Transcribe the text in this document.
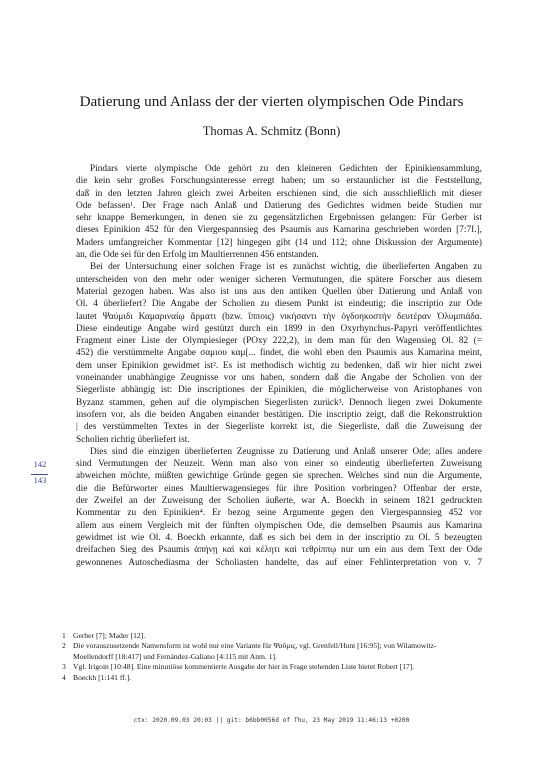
Datierung und Anlass der der vierten olympischen Ode Pindars
Thomas A. Schmitz (Bonn)
142
143

Pindars vierte olympische Ode gehört zu den kleineren Gedichten der Epinikiensammlung,
die kein sehr großes Forschungsinteresse erregt haben; um so erstaunlicher ist die Feststellung,
daß in den letzten Jahren gleich zwei Arbeiten erschienen sind, die sich ausschließlich mit dieser
Ode befassen¹. Der Frage nach Anlaß und Datierung des Gedichtes widmen beide Studien nur
sehr knappe Bemerkungen, in denen sie zu gegensätzlichen Ergebnissen gelangen: Für Gerber ist
dieses Epinikion 452 für den Viergespannsieg des Psaumis aus Kamarina geschrieben worden [7:7f.],
Maders umfangreicher Kommentar [12] hingegen gibt (14 und 112; ohne Diskussion der Argumente)
an, die Ode sei für den Erfolg im Maultierrennen 456 entstanden.

Bei der Untersuchung einer solchen Frage ist es zunächst wichtig, die überlieferten Angaben zu
unterscheiden von den mehr oder weniger sicheren Vermutungen, die spätere Forscher aus diesem
Material gezogen haben. Was also ist uns aus den antiken Quellen über Datierung und Anlaß von
Ol. 4 überliefert? Die Angabe der Scholien zu diesem Punkt ist eindeutig; die inscriptio zur Ode
lautet Ψαύμιδι Καμαριναίῳ ἅρματι (bzw. ἵπποις) νικήσαντι τὴν ὀγδοηκοστὴν δευτέραν Ὀλυμπιάδα.
Diese eindeutige Angabe wird gestützt durch ein 1899 in den Oxyrhynchus-Papyri veröffentlichtes
Fragment einer Liste der Olympiesieger (POxy 222,2), in dem man für den Wagensieg Ol. 82 (=
452) die verstümmelte Angabe σαμιου καμ[... findet, die wohl eben den Psaumis aus Kamarina meint,
dem unser Epinikion gewidmet ist². Es ist methodisch wichtig zu bedenken, daß wir hier nicht zwei
voneinander unabhängige Zeugnisse vor uns haben, sondern daß die Angabe der Scholien von der
Siegerliste abhängig ist: Die inscriptiones der Epinikien, die möglicherweise von Aristophanes von
Byzanz stammen, gehen auf die olympischen Siegerlisten zurück³. Dennoch liegen zwei Dokumente
insofern vor, als die beiden Angaben einander bestätigen. Die inscriptio zeigt, daß die Rekonstruktion
| des verstümmelten Textes in der Siegerliste korrekt ist, die Siegerliste, daß die Zuweisung der
Scholien richtig überliefert ist.

Dies sind die einzigen überlieferten Zeugnisse zu Datierung und Anlaß unserer Ode; alles andere
sind Vermutungen der Neuzeit. Wenn man also von einer so eindeutig überlieferten Zuweisung
abweichen möchte, müßten gewichtige Gründe gegen sie sprechen. Welches sind nun die Argumente,
die die Befürworter eines Maultierwagensieges für ihre Position vorbringen? Offenbar der erste,
der Zweifel an der Zuweisung der Scholien äußerte, war A. Boeckh in seinem 1821 gedruckten
Kommentar zu den Epinikien⁴. Er bezog seine Argumente gegen den Viergespannsieg 452 vor
allem aus einem Vergleich mit der fünften olympischen Ode, die demselben Psaumis aus Kamarina
gewidmet ist wie Ol. 4. Boeckh erkannte, daß es sich bei dem in der inscriptio zu Ol. 5 bezeugten
dreifachen Sieg des Psaumis ἀπήνῃ καὶ καὶ κέλητι καὶ τεθρίππῳ nur um ein aus dem Text der Ode
gewonnenes Autoschediasma der Scholiasten handelte, das auf einer Fehlinterpretation von v. 7

1 Gerber [7]; Mader [12].
2 Die vorauszusetzende Namensform ist wohl nur eine Variante für Ψαῦμις, vgl. Grenfell/Hunt [16:95]; von Wilamowitz-
Moellendorff [18:417] und Fernández-Galiano [4:115 mit Anm. 1].
3 Vgl. Irigoin [10:48]. Eine minutiöse kommentierte Ausgabe der hier in Frage stehenden Liste bietet Robert [17].
4 Boeckh [1:141 ff.].
ctx: 2020.09.03 20:03 || git: b6bb0056d of Thu, 23 May 2019 11:46:13 +0200
